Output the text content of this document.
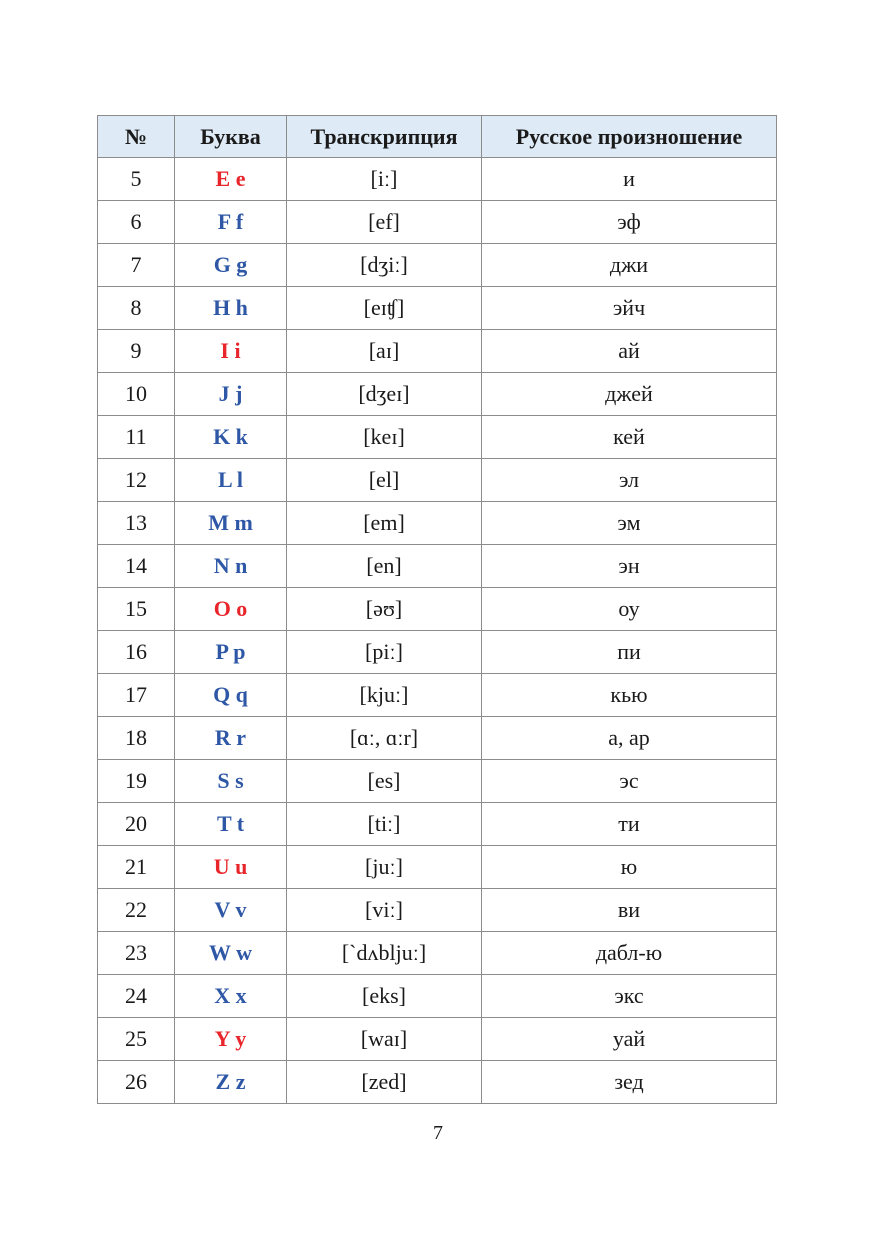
№	Буква	Транскрипция	Русское произношение
5	E e	[iː]	и
6	F f	[ef]	эф
7	G g	[dʒiː]	джи
8	H h	[eɪʧ]	эйч
9	I i	[aɪ]	ай
10	J j	[dʒeɪ]	джей
11	K k	[keɪ]	кей
12	L l	[el]	эл
13	M m	[em]	эм
14	N n	[en]	эн
15	O o	[əʊ]	оу
16	P p	[piː]	пи
17	Q q	[kjuː]	кью
18	R r	[ɑː, ɑːr]	а, ар
19	S s	[es]	эс
20	T t	[tiː]	ти
21	U u	[juː]	ю
22	V v	[viː]	ви
23	W w	[`dʌbljuː]	дабл-ю
24	X x	[eks]	экс
25	Y y	[waɪ]	уай
26	Z z	[zed]	зед
7
